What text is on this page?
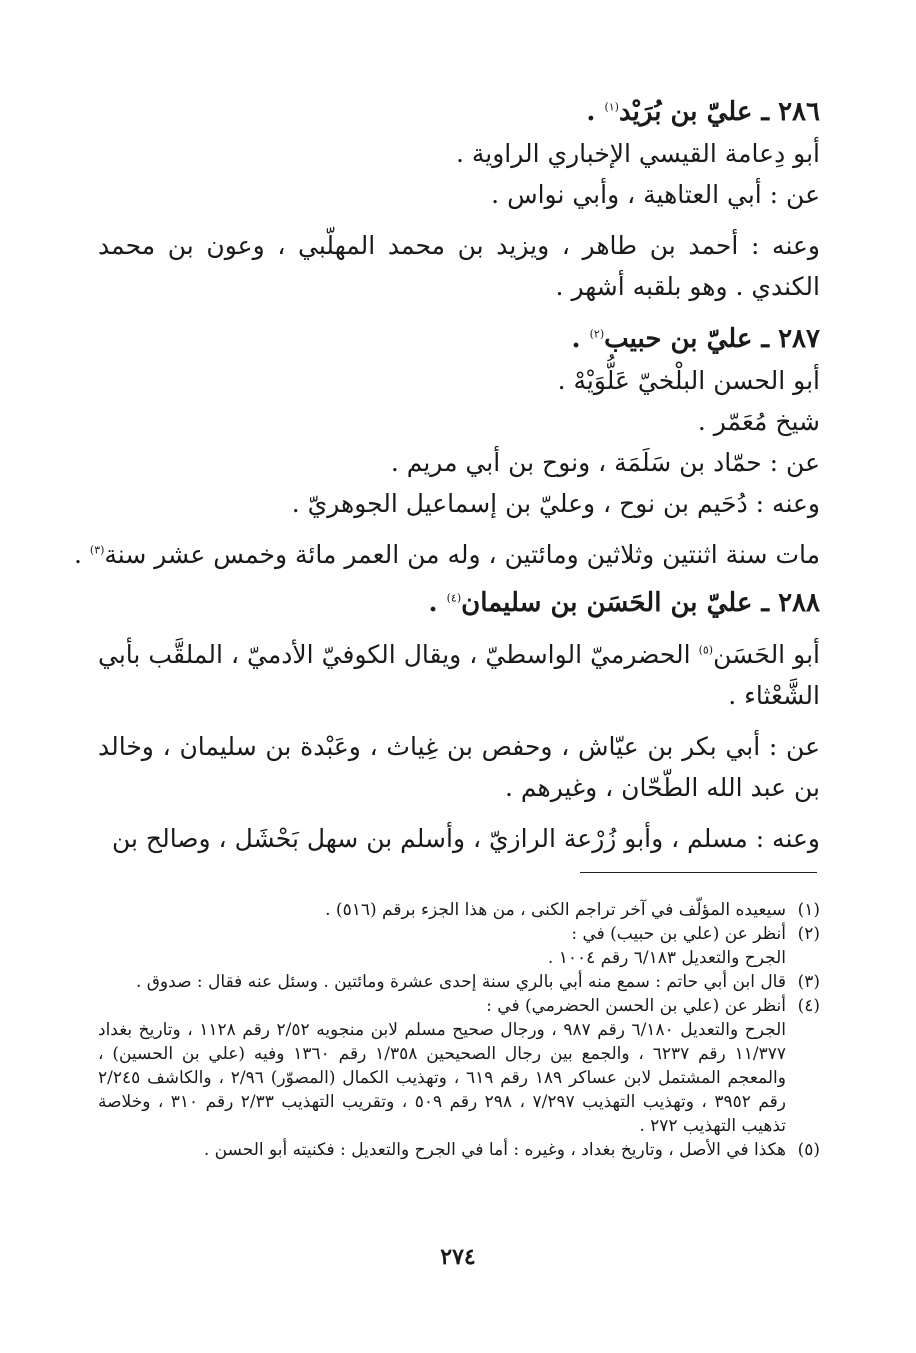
٢٨٦ ـ عليّ بن بُرَيْد$^{(١)}$ .
أبو دِعامة القيسي الإخباري الراوية .
عن : أبي العتاهية ، وأبي نواس .
وعنه : أحمد بن طاهر ، ويزيد بن محمد المهلّبي ، وعون بن محمد الكندي . وهو بلقبه أشهر .
٢٨٧ ـ عليّ بن حبيب$^{(٢)}$ .
أبو الحسن البلْخيّ عَلُّوَيْهْ .
شيخ مُعَمّر .
عن : حمّاد بن سَلَمَة ، ونوح بن أبي مريم .
وعنه : دُحَيم بن نوح ، وعليّ بن إسماعيل الجوهريّ .
مات سنة اثنتين وثلاثين ومائتين ، وله من العمر مائة وخمس عشر سنة$^{(٣)}$ .
٢٨٨ ـ عليّ بن الحَسَن بن سليمان$^{(٤)}$ .
أبو الحَسَن$^{(٥)}$ الحضرميّ الواسطيّ ، ويقال الكوفيّ الأدميّ ، الملقَّب بأبي الشَّعْثاء .
عن : أبي بكر بن عيّاش ، وحفص بن غِياث ، وعَبْدة بن سليمان ، وخالد بن عبد الله الطّحّان ، وغيرهم .
وعنه : مسلم ، وأبو زُرْعة الرازيّ ، وأسلم بن سهل بَحْشَل ، وصالح بن
(١)
سيعيده المؤلّف في آخر تراجم الكنى ، من هذا الجزء برقم (٥١٦) .
(٢)
أنظر عن (علي بن حبيب) في :
الجرح والتعديل ٦/١٨٣ رقم ١٠٠٤ .
(٣)
قال ابن أبي حاتم : سمع منه أبي بالري سنة إحدى عشرة ومائتين . وسئل عنه فقال : صدوق .
(٤)
أنظر عن (علي بن الحسن الحضرمي) في :
الجرح والتعديل ٦/١٨٠ رقم ٩٨٧ ، ورجال صحيح مسلم لابن منجويه ٢/٥٢ رقم ١١٢٨ ، وتاريخ بغداد ١١/٣٧٧ رقم ٦٢٣٧ ، والجمع بين رجال الصحيحين ١/٣٥٨ رقم ١٣٦٠ وفيه (علي بن الحسين) ، والمعجم المشتمل لابن عساكر ١٨٩ رقم ٦١٩ ، وتهذيب الكمال (المصوّر) ٢/٩٦ ، والكاشف ٢/٢٤٥ رقم ٣٩٥٢ ، وتهذيب التهذيب ٧/٢٩٧ ، ٢٩٨ رقم ٥٠٩ ، وتقريب التهذيب ٢/٣٣ رقم ٣١٠ ، وخلاصة تذهيب التهذيب ٢٧٢ .
(٥)
هكذا في الأصل ، وتاريخ بغداد ، وغيره : أما في الجرح والتعديل : فكنيته أبو الحسن .
٢٧٤
